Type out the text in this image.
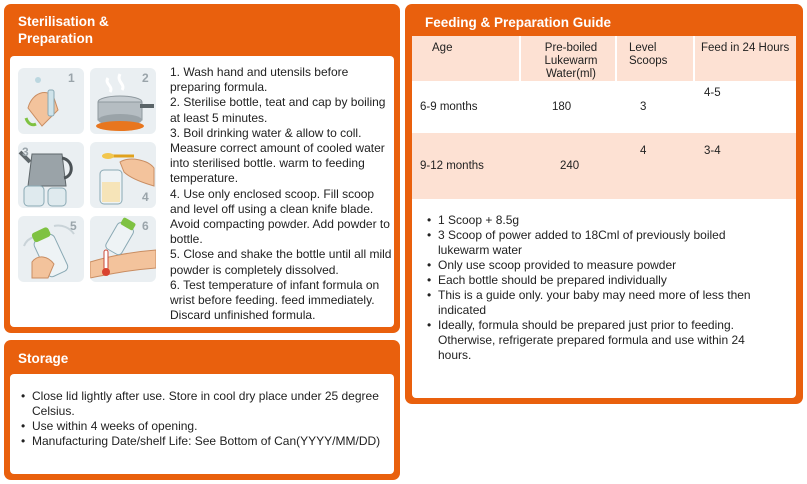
Sterilisation &
Preparation
1	2
3
4
5	6

1. Wash hand and utensils before preparing formula.

2. Sterilise bottle, teat and cap by boiling at least 5 minutes.

3. Boil drinking water & allow to coll. Measure correct amount of cooled water into sterilised bottle. warm to feeding temperature.

4. Use only enclosed scoop. Fill scoop and level off using a clean knife blade. Avoid compacting powder. Add powder to bottle.

5. Close and shake the bottle until all mild powder is completely dissolved.

6. Test temperature of infant formula on wrist before feeding. feed immediately. Discard unfinished formula.

Storage
• Close lid lightly after use. Store in cool dry place under 25 degree Celsius.
• Use within 4 weeks of opening.
• Manufacturing Date/shelf Life: See Bottom of Can(YYYY/MM/DD)
Feeding & Preparation Guide
Age	Pre-boiled Lukewarm Water(ml)	Level Scoops	Feed in 24 Hours
6-9 months	180	3	4-5
9-12 months	240	4	3-4
• 1 Scoop + 8.5g
• 3 Scoop of power added to 18Cml of previously boiled lukewarm water
• Only use scoop provided to measure powder
• Each bottle should be prepared individually
• This is a guide only. your baby may need more of less then indicated
• Ideally, formula should be prepared just prior to feeding. Otherwise, refrigerate prepared formula and use within 24 hours.
